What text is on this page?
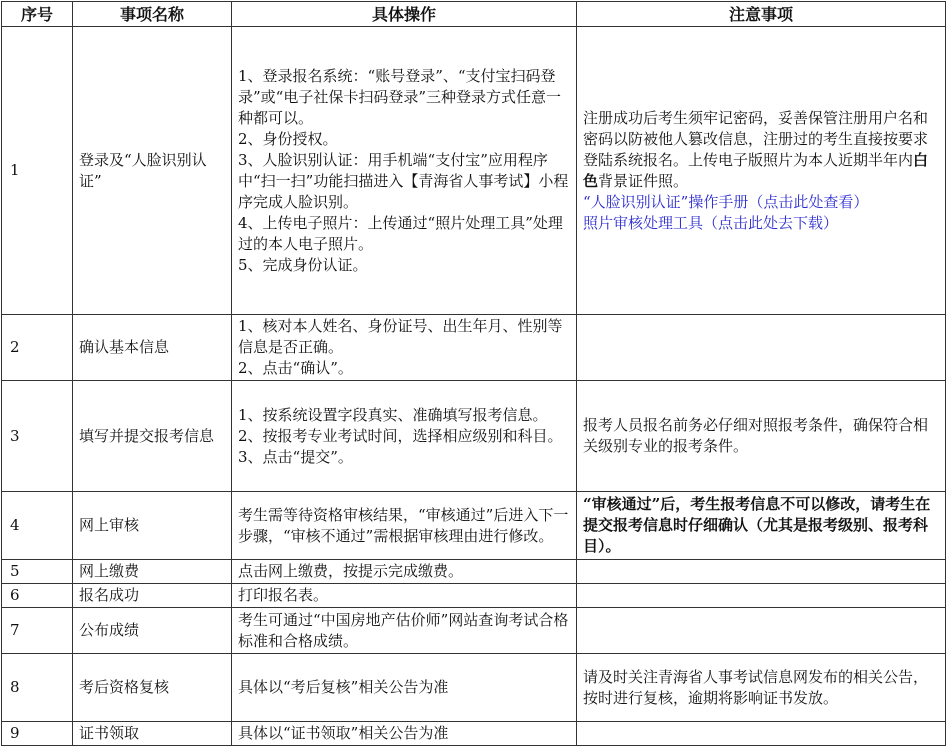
序号	事项名称	具体操作	注意事项
1	登录及“人脸识别认证”	1、登录报名系统：“账号登录”、“支付宝扫码登录”或“电子社保卡扫码登录”三种登录方式任意一种都可以。
2、身份授权。
3、人脸识别认证：用手机端“支付宝”应用程序中“扫一扫”功能扫描进入【青海省人事考试】小程序完成人脸识别。
4、上传电子照片：上传通过“照片处理工具”处理过的本人电子照片。
5、完成身份认证。	注册成功后考生须牢记密码，妥善保管注册用户名和密码以防被他人篡改信息，注册过的考生直接按要求登陆系统报名。上传电子版照片为本人近期半年内白色背景证件照。
“人脸识别认证”操作手册（点击此处查看）
照片审核处理工具（点击此处去下载）

2	确认基本信息	1、核对本人姓名、身份证号、出生年月、性别等信息是否正确。
2、点击“确认”。	

3	填写并提交报考信息	1、按系统设置字段真实、准确填写报考信息。
2、按报考专业考试时间，选择相应级别和科目。
3、点击“提交”。	报考人员报名前务必仔细对照报考条件，确保符合相关级别专业的报考条件。
4	网上审核	考生需等待资格审核结果，“审核通过”后进入下一步骤，“审核不通过”需根据审核理由进行修改。	“审核通过”后，考生报考信息不可以修改，请考生在提交报考信息时仔细确认（尤其是报考级别、报考科目）。
5	网上缴费	点击网上缴费，按提示完成缴费。	

6	报名成功	打印报名表。	

7	公布成绩	考生可通过“中国房地产估价师”网站查询考试合格标准和合格成绩。	

8	考后资格复核	具体以“考后复核”相关公告为准	请及时关注青海省人事考试信息网发布的相关公告，按时进行复核，逾期将影响证书发放。
9	证书领取	具体以“证书领取”相关公告为准	
